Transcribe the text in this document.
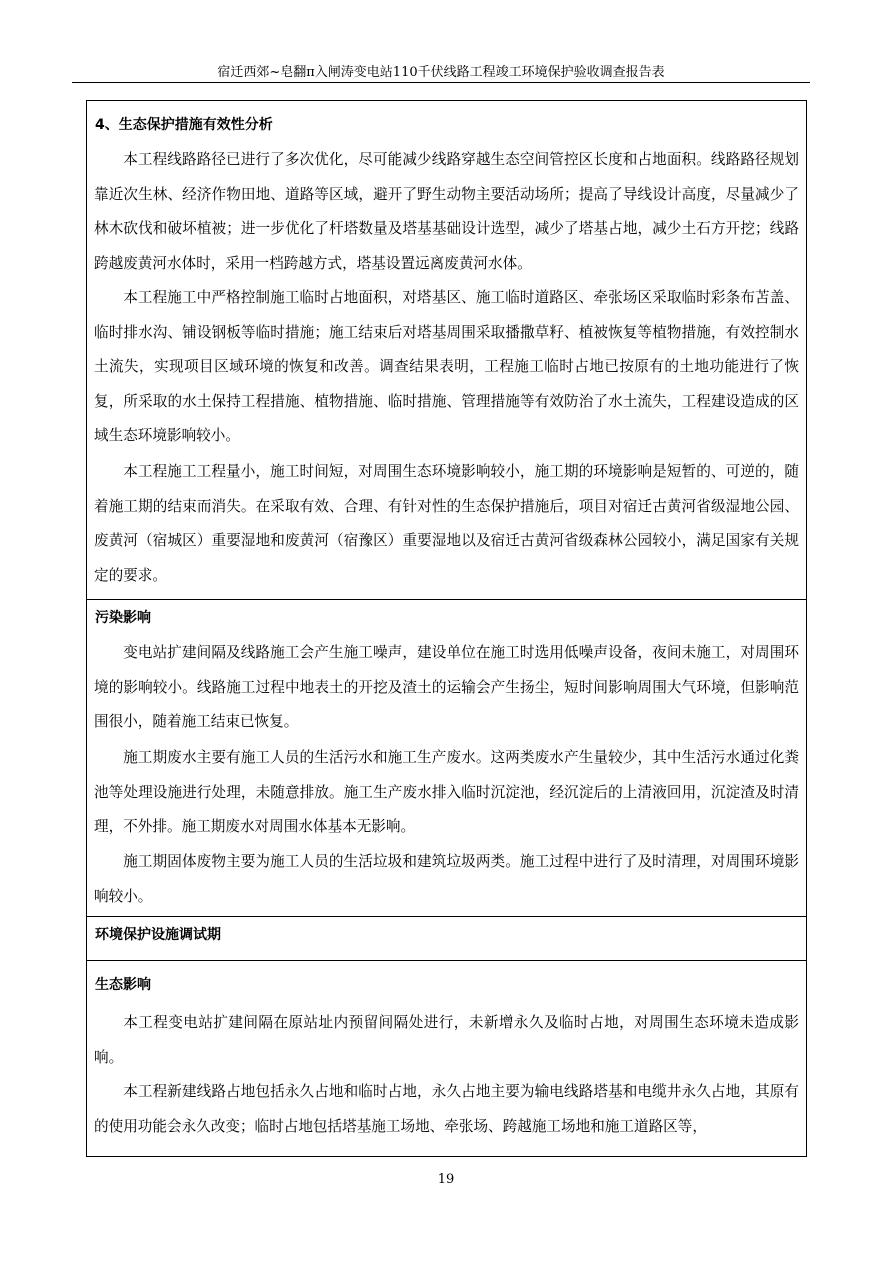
宿迁西郊~皂翻π入闸涛变电站110千伏线路工程竣工环境保护验收调查报告表
4、生态保护措施有效性分析

本工程线路路径已进行了多次优化，尽可能减少线路穿越生态空间管控区长度和占地面积。线路路径规划靠近次生林、经济作物田地、道路等区域，避开了野生动物主要活动场所；提高了导线设计高度，尽量减少了林木砍伐和破坏植被；进一步优化了杆塔数量及塔基基础设计选型，减少了塔基占地，减少土石方开挖；线路跨越废黄河水体时，采用一档跨越方式，塔基设置远离废黄河水体。

本工程施工中严格控制施工临时占地面积，对塔基区、施工临时道路区、牵张场区采取临时彩条布苫盖、临时排水沟、铺设钢板等临时措施；施工结束后对塔基周围采取播撒草籽、植被恢复等植物措施，有效控制水土流失，实现项目区域环境的恢复和改善。调查结果表明，工程施工临时占地已按原有的土地功能进行了恢复，所采取的水土保持工程措施、植物措施、临时措施、管理措施等有效防治了水土流失，工程建设造成的区域生态环境影响较小。

本工程施工工程量小，施工时间短，对周围生态环境影响较小，施工期的环境影响是短暂的、可逆的，随着施工期的结束而消失。在采取有效、合理、有针对性的生态保护措施后，项目对宿迁古黄河省级湿地公园、废黄河（宿城区）重要湿地和废黄河（宿豫区）重要湿地以及宿迁古黄河省级森林公园较小，满足国家有关规定的要求。

污染影响

变电站扩建间隔及线路施工会产生施工噪声，建设单位在施工时选用低噪声设备，夜间未施工，对周围环境的影响较小。线路施工过程中地表土的开挖及渣土的运输会产生扬尘，短时间影响周围大气环境，但影响范围很小，随着施工结束已恢复。

施工期废水主要有施工人员的生活污水和施工生产废水。这两类废水产生量较少，其中生活污水通过化粪池等处理设施进行处理，未随意排放。施工生产废水排入临时沉淀池，经沉淀后的上清液回用，沉淀渣及时清理，不外排。施工期废水对周围水体基本无影响。

施工期固体废物主要为施工人员的生活垃圾和建筑垃圾两类。施工过程中进行了及时清理，对周围环境影响较小。

环境保护设施调试期
生态影响

本工程变电站扩建间隔在原站址内预留间隔处进行，未新增永久及临时占地，对周围生态环境未造成影响。

本工程新建线路占地包括永久占地和临时占地，永久占地主要为输电线路塔基和电缆井永久占地，其原有的使用功能会永久改变；临时占地包括塔基施工场地、牵张场、跨越施工场地和施工道路区等，

19
